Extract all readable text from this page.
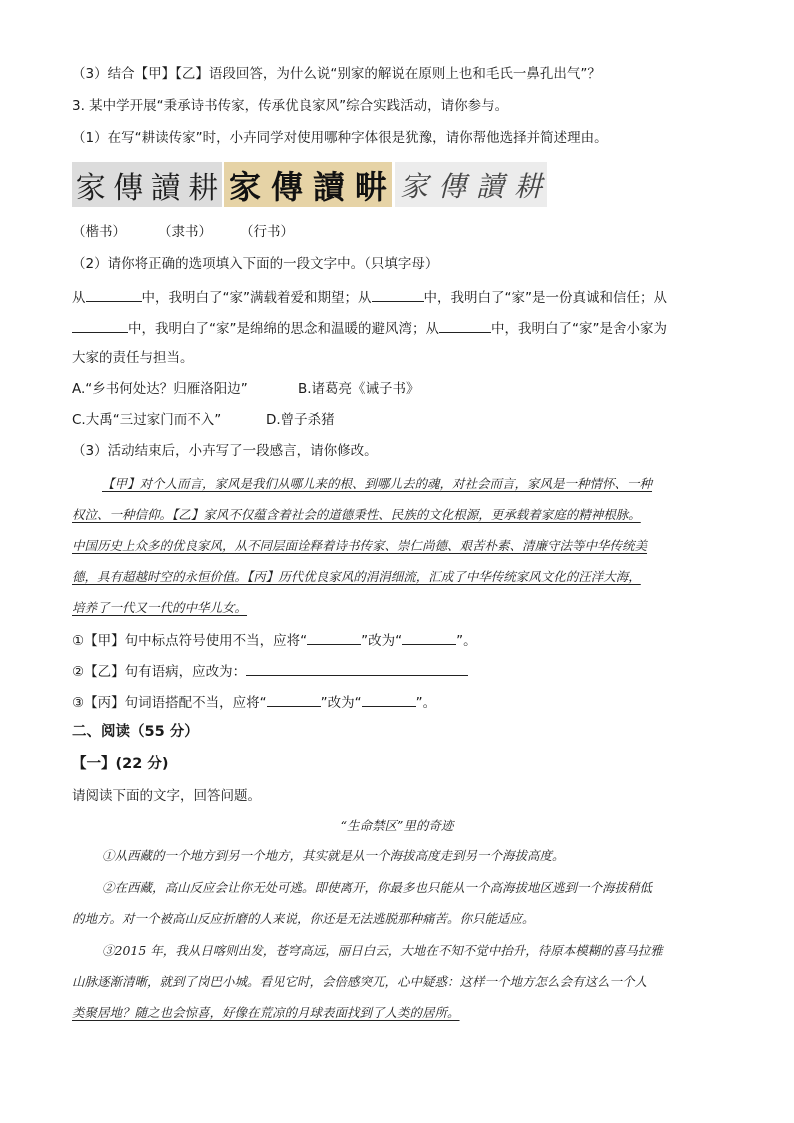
（3）结合【甲】【乙】语段回答，为什么说“别家的解说在原则上也和毛氏一鼻孔出气”？
3. 某中学开展“秉承诗书传家，传承优良家风”综合实践活动，请你参与。
（1）在写“耕读传家”时，小卉同学对使用哪种字体很是犹豫，请你帮他选择并简述理由。
家 傳 讀 耕 家 傳 讀 畊 家 傳 讀 耕
（楷书） （隶书） （行书）
（2）请你将正确的选项填入下面的一段文字中。（只填字母）
从	中，我明白了“家”满载着爱和期望；从	中，我明白了“家”是一份真诚和信任；从
中，我明白了“家”是绵绵的思念和温暖的避风湾；从	中，我明白了“家”是舍小家为
大家的责任与担当。
A.“乡书何处达？归雁洛阳边”	B.诸葛亮《诫子书》
C.大禹“三过家门而不入”	D.曾子杀猪
（3）活动结束后，小卉写了一段感言，请你修改。
【甲】对个人而言，家风是我们从哪儿来的根、到哪儿去的魂，对社会而言，家风是一种情怀、一种
权泣、一种信仰。【乙】家风不仅蕴含着社会的道德秉性、民族的文化根源，更承载着家庭的精神根脉。
中国历史上众多的优良家风，从不同层面诠释着诗书传家、崇仁尚德、艰苦朴素、清廉守法等中华传统美
德，具有超越时空的永恒价值。【丙】历代优良家风的涓涓细流，汇成了中华传统家风文化的汪洋大海，
培养了一代又一代的中华儿女。
①【甲】句中标点符号使用不当，应将“	”改为“	”。
②【乙】句有语病，应改为：
③【丙】句词语搭配不当，应将“	”改为“	”。
二、阅读（55 分）
【一】(22 分)
请阅读下面的文字，回答问题。
“生命禁区”里的奇迹
①从西藏的一个地方到另一个地方，其实就是从一个海拔高度走到另一个海拔高度。
②在西藏，高山反应会让你无处可逃。即使离开，你最多也只能从一个高海拔地区逃到一个海拔稍低
的地方。对一个被高山反应折磨的人来说，你还是无法逃脱那种痛苦。你只能适应。
③2015 年，我从日喀则出发，苍穹高远，丽日白云，大地在不知不觉中抬升，待原本模糊的喜马拉雅
山脉逐渐清晰，就到了岗巴小城。看见它时，会倍感突兀，心中疑惑：这样一个地方怎么会有这么一个人
类聚居地？随之也会惊喜，好像在荒凉的月球表面找到了人类的居所。
